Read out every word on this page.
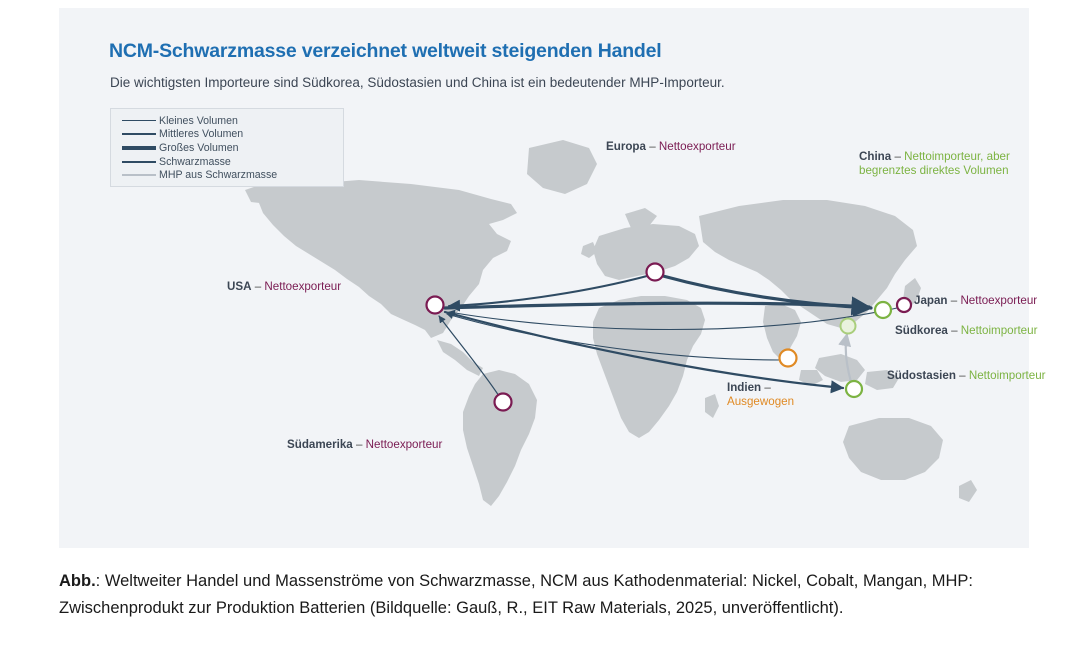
NCM-Schwarzmasse verzeichnet weltweit steigenden Handel
Die wichtigsten Importeure sind Südkorea, Südostasien und China ist ein bedeutender MHP-Importeur.
Kleines Volumen
Mittleres Volumen
Großes Volumen
Schwarzmasse
MHP aus Schwarzmasse
Europa – Nettoexporteur
China – Nettoimporteur, aber begrenztes direktes Volumen
USA – Nettoexporteur
Japan – Nettoexporteur
Südkorea – Nettoimporteur
Südostasien – Nettoimporteur
Indien – Ausgewogen
Südamerika – Nettoexporteur
Abb.: Weltweiter Handel und Massenströme von Schwarzmasse, NCM aus Kathodenmaterial: Nickel, Cobalt, Mangan, MHP: Zwischenprodukt zur Produktion Batterien (Bildquelle: Gauß, R., EIT Raw Materials, 2025, unveröffentlicht).
